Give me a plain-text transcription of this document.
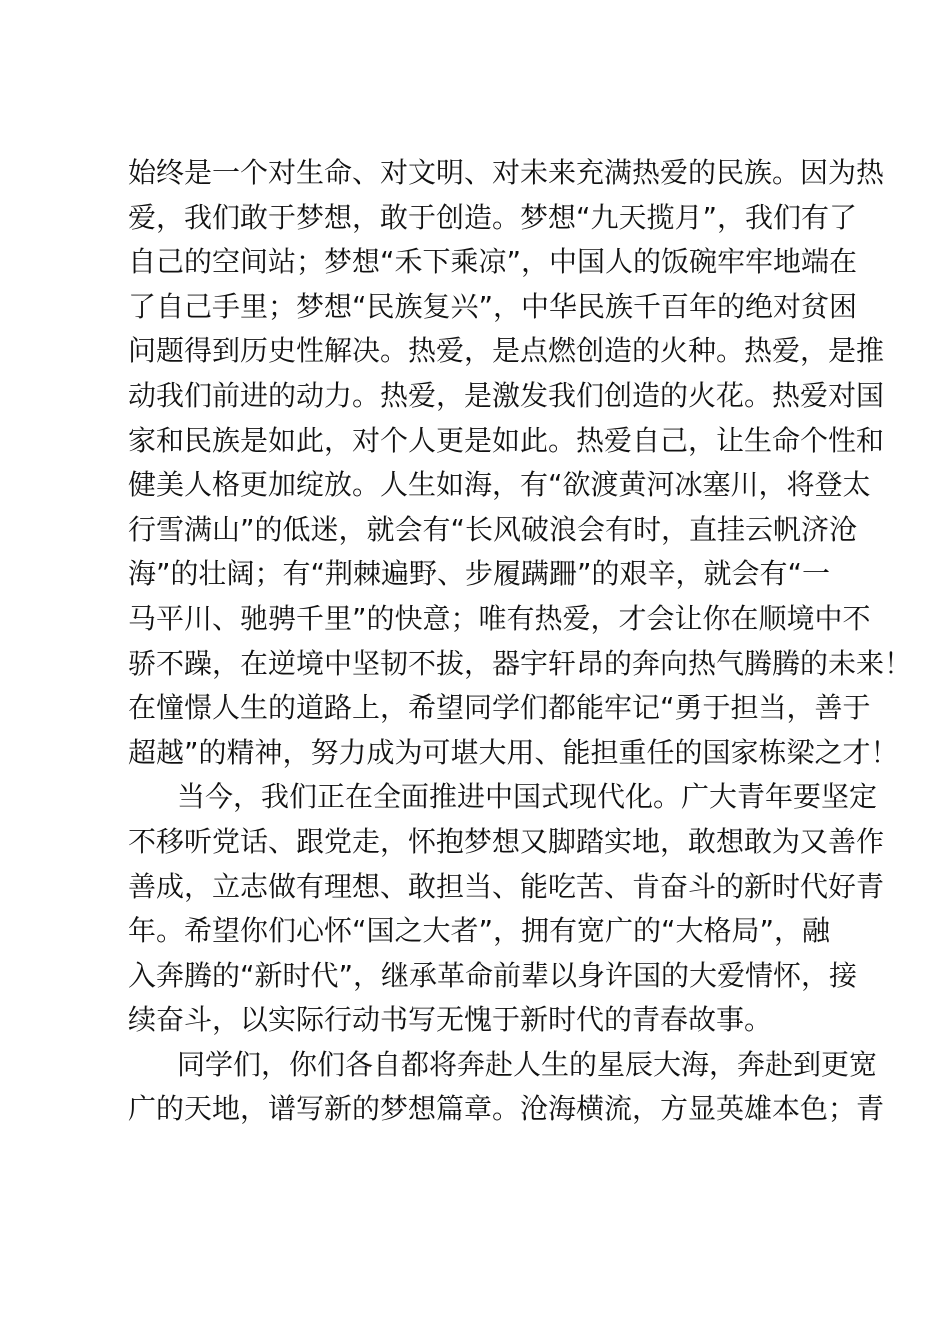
始终是一个对生命、对文明、对未来充满热爱的民族。因为热
爱，我们敢于梦想，敢于创造。梦想“九天揽月”，我们有了
自己的空间站；梦想“禾下乘凉”，中国人的饭碗牢牢地端在
了自己手里；梦想“民族复兴”，中华民族千百年的绝对贫困
问题得到历史性解决。热爱，是点燃创造的火种。热爱，是推
动我们前进的动力。热爱，是激发我们创造的火花。热爱对国
家和民族是如此，对个人更是如此。热爱自己，让生命个性和
健美人格更加绽放。人生如海，有“欲渡黄河冰塞川，将登太
行雪满山”的低迷，就会有“长风破浪会有时，直挂云帆济沧
海”的壮阔；有“荆棘遍野、步履蹒跚”的艰辛，就会有“一
马平川、驰骋千里”的快意；唯有热爱，才会让你在顺境中不
骄不躁，在逆境中坚韧不拔，器宇轩昂的奔向热气腾腾的未来！
在憧憬人生的道路上，希望同学们都能牢记“勇于担当，善于
超越”的精神，努力成为可堪大用、能担重任的国家栋梁之才！
当今，我们正在全面推进中国式现代化。广大青年要坚定
不移听党话、跟党走，怀抱梦想又脚踏实地，敢想敢为又善作
善成，立志做有理想、敢担当、能吃苦、肯奋斗的新时代好青
年。希望你们心怀“国之大者”，拥有宽广的“大格局”，融
入奔腾的“新时代”，继承革命前辈以身许国的大爱情怀，接
续奋斗，以实际行动书写无愧于新时代的青春故事。
同学们，你们各自都将奔赴人生的星辰大海，奔赴到更宽
广的天地，谱写新的梦想篇章。沧海横流，方显英雄本色；青
